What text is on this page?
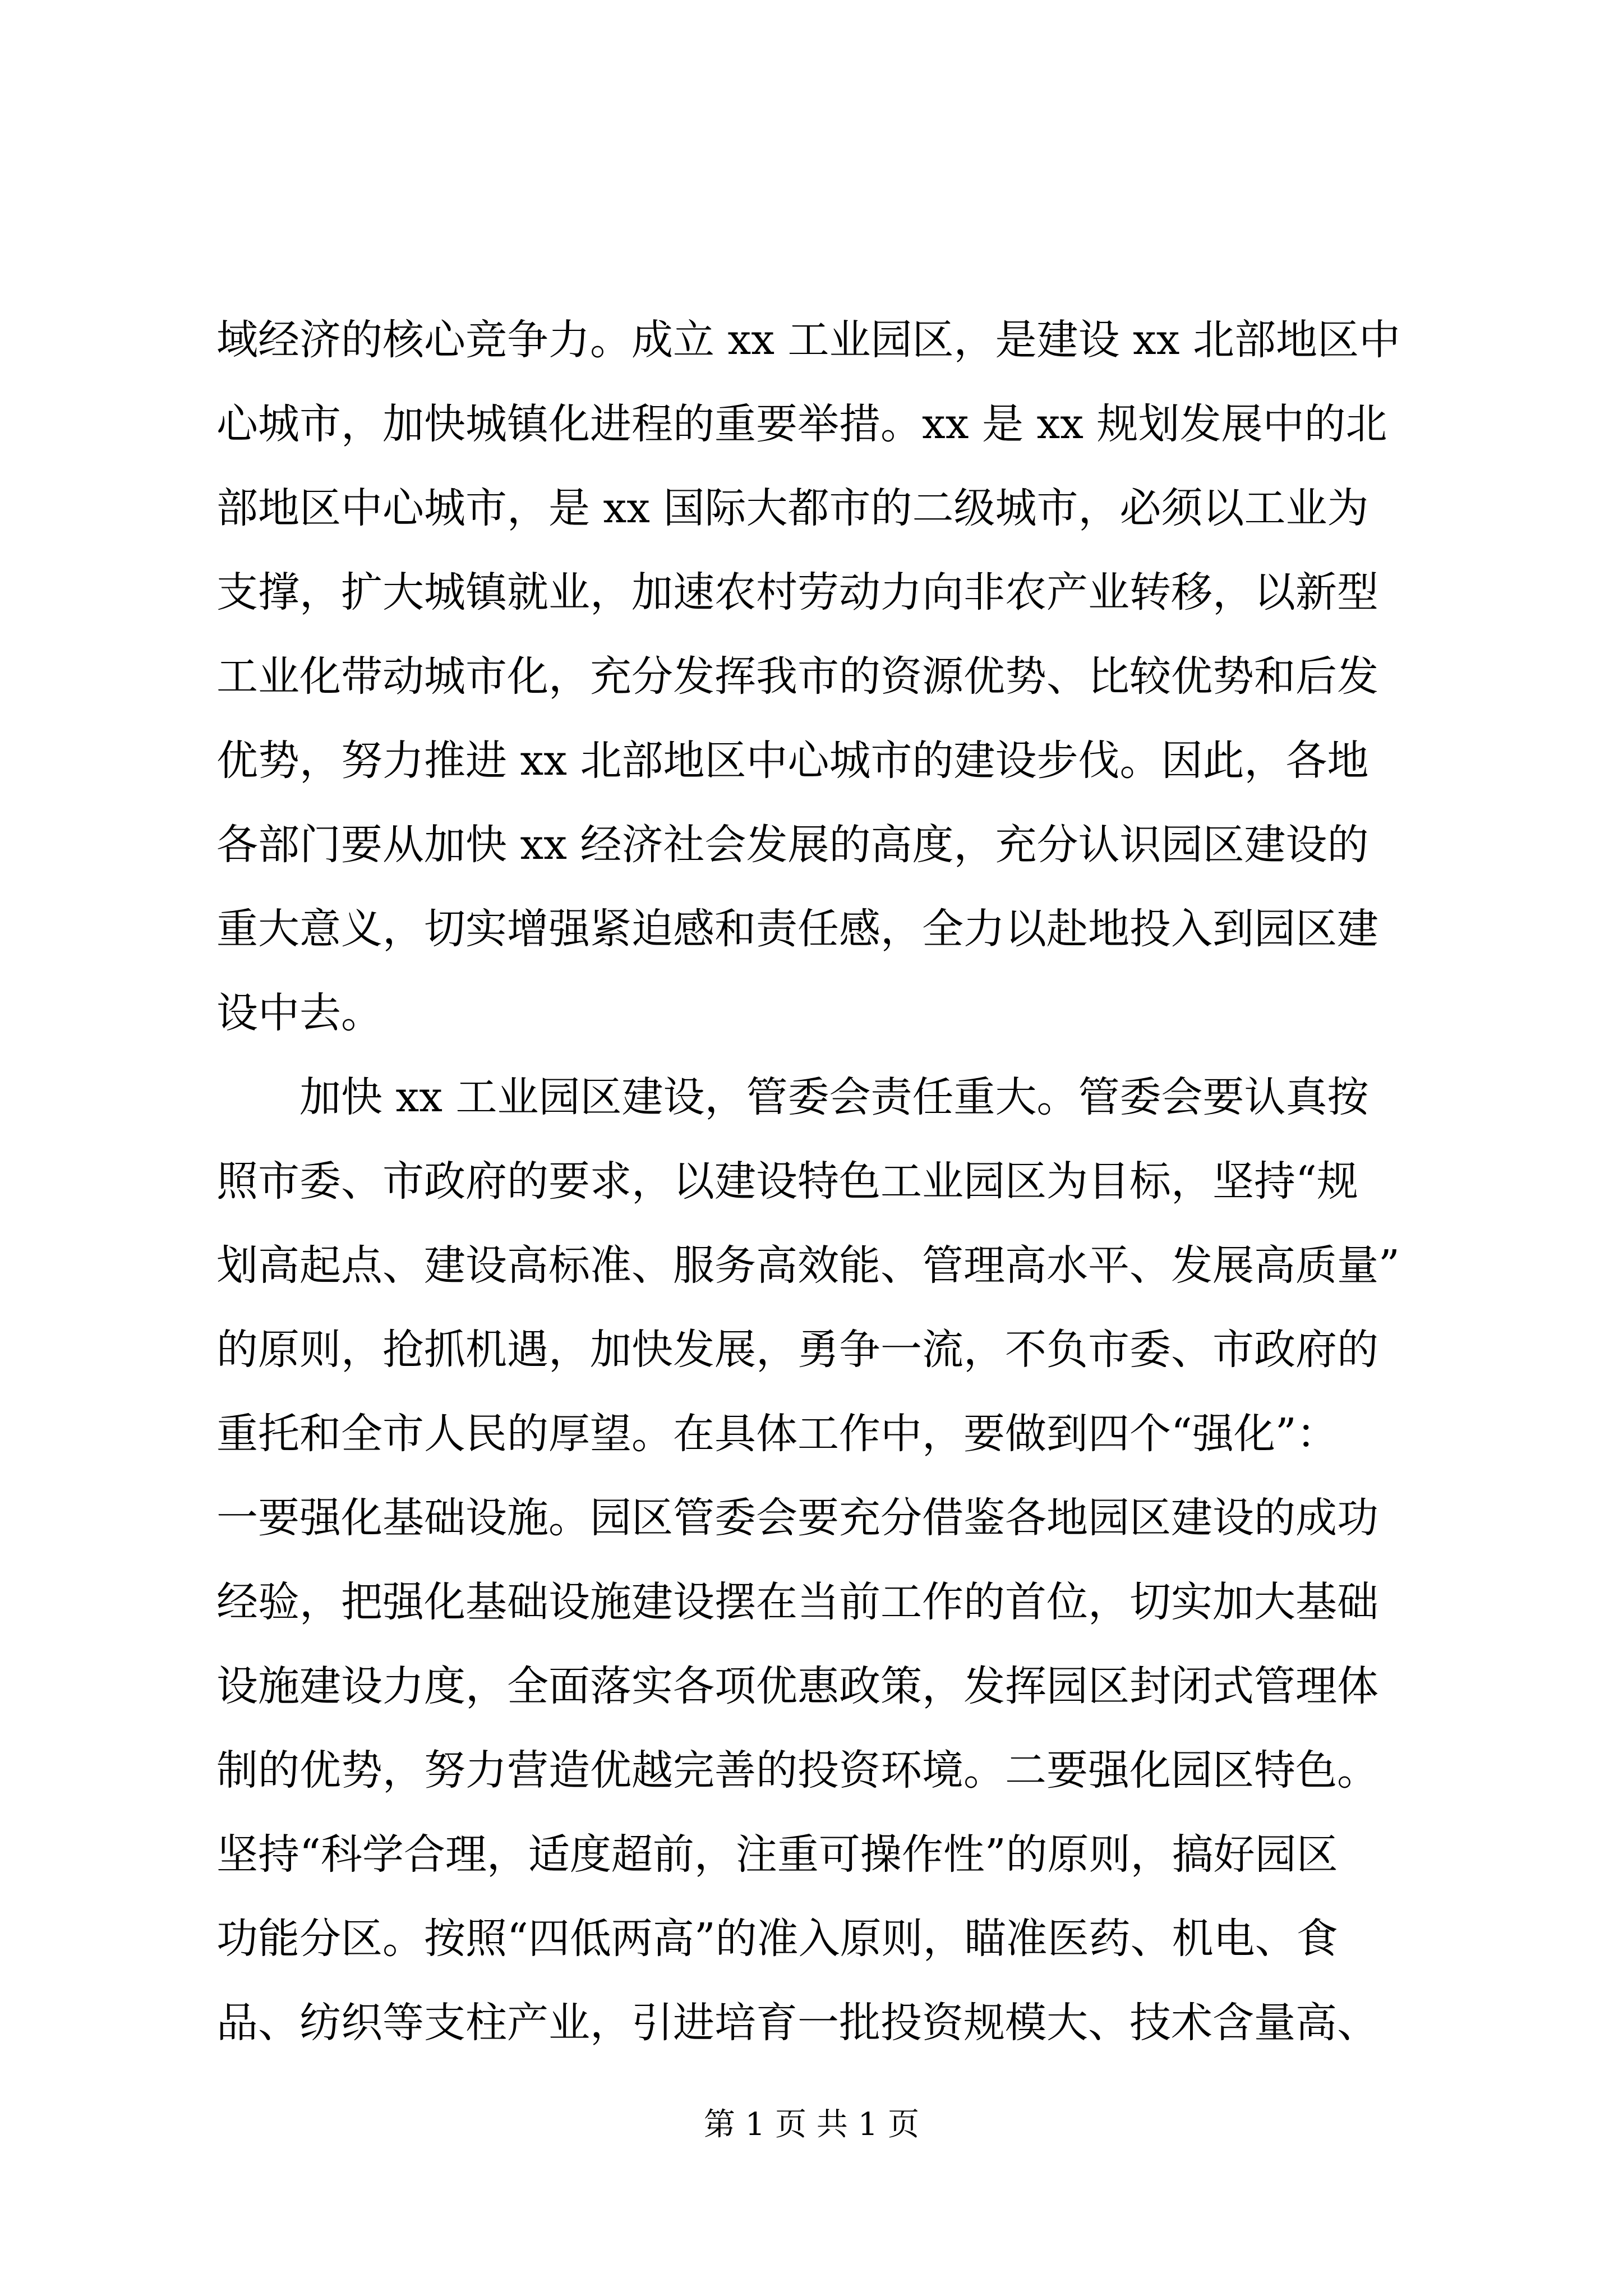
域经济的核心竞争力。成立 xx 工业园区，是建设 xx 北部地区中
心城市，加快城镇化进程的重要举措。xx 是 xx 规划发展中的北
部地区中心城市，是 xx 国际大都市的二级城市，必须以工业为
支撑，扩大城镇就业，加速农村劳动力向非农产业转移，以新型
工业化带动城市化，充分发挥我市的资源优势、比较优势和后发
优势，努力推进 xx 北部地区中心城市的建设步伐。因此，各地
各部门要从加快 xx 经济社会发展的高度，充分认识园区建设的
重大意义，切实增强紧迫感和责任感，全力以赴地投入到园区建
设中去。
　　加快 xx 工业园区建设，管委会责任重大。管委会要认真按
照市委、市政府的要求，以建设特色工业园区为目标，坚持“规
划高起点、建设高标准、服务高效能、管理高水平、发展高质量”
的原则，抢抓机遇，加快发展，勇争一流，不负市委、市政府的
重托和全市人民的厚望。在具体工作中，要做到四个“强化”：
一要强化基础设施。园区管委会要充分借鉴各地园区建设的成功
经验，把强化基础设施建设摆在当前工作的首位，切实加大基础
设施建设力度，全面落实各项优惠政策，发挥园区封闭式管理体
制的优势，努力营造优越完善的投资环境。二要强化园区特色。
坚持“科学合理，适度超前，注重可操作性”的原则，搞好园区
功能分区。按照“四低两高”的准入原则，瞄准医药、机电、食
品、纺织等支柱产业，引进培育一批投资规模大、技术含量高、
第 1 页 共 1 页
